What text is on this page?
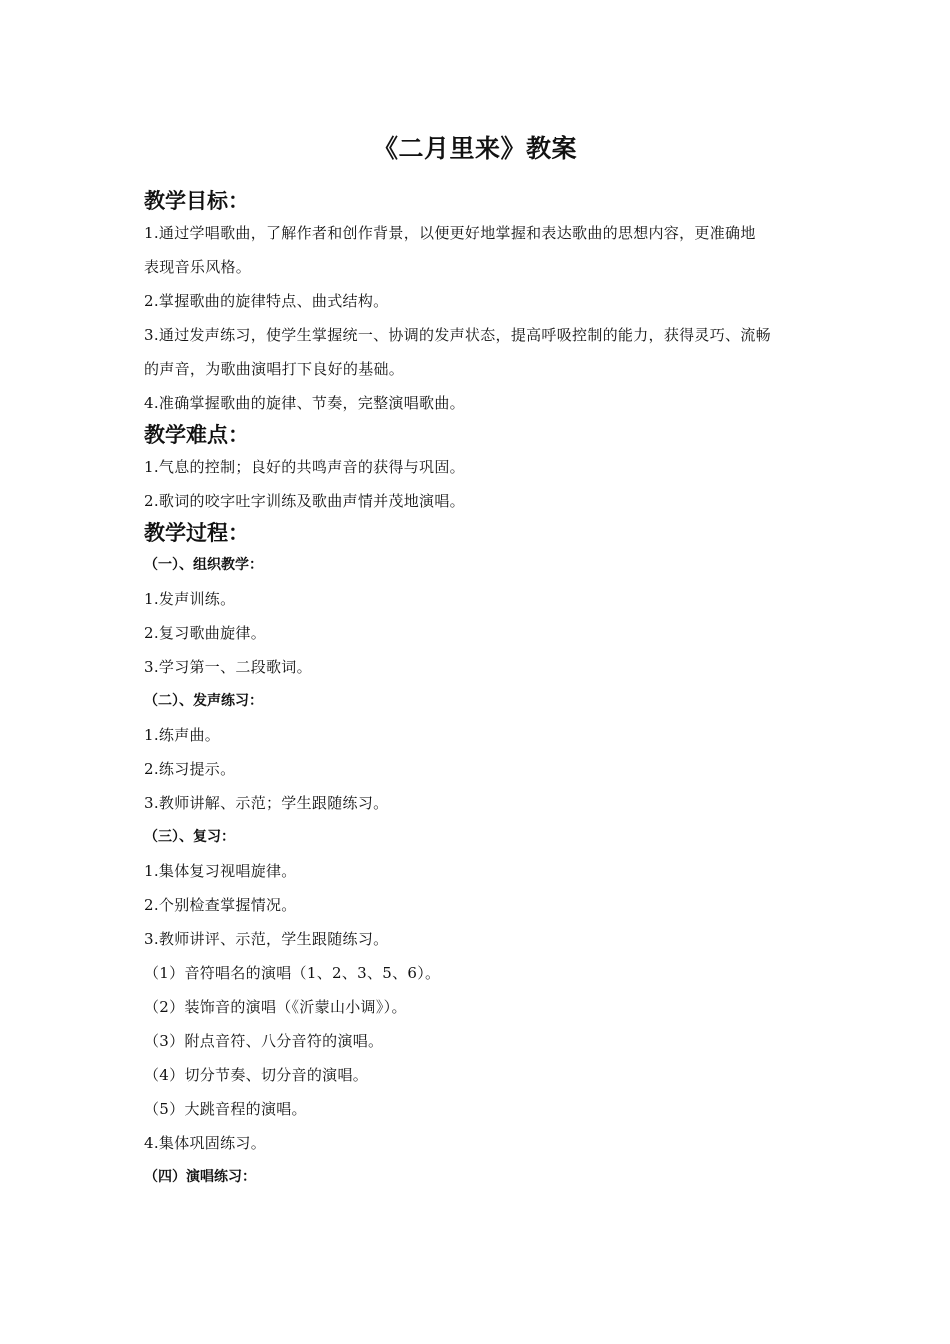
《二月里来》教案
教学目标：
1.通过学唱歌曲，了解作者和创作背景，以便更好地掌握和表达歌曲的思想内容，更准确地
表现音乐风格。
2.掌握歌曲的旋律特点、曲式结构。
3.通过发声练习，使学生掌握统一、协调的发声状态，提高呼吸控制的能力，获得灵巧、流畅
的声音，为歌曲演唱打下良好的基础。
4.准确掌握歌曲的旋律、节奏，完整演唱歌曲。
教学难点：
1.气息的控制；良好的共鸣声音的获得与巩固。
2.歌词的咬字吐字训练及歌曲声情并茂地演唱。
教学过程：
（一）、组织教学：
1.发声训练。
2.复习歌曲旋律。
3.学习第一、二段歌词。
（二）、发声练习：
1.练声曲。
2.练习提示。
3.教师讲解、示范；学生跟随练习。
（三）、复习：
1.集体复习视唱旋律。
2.个别检查掌握情况。
3.教师讲评、示范，学生跟随练习。
（1）音符唱名的演唱（1、2、3、5、6）。
（2）装饰音的演唱（《沂蒙山小调》）。
（3）附点音符、八分音符的演唱。
（4）切分节奏、切分音的演唱。
（5）大跳音程的演唱。
4.集体巩固练习。
（四）演唱练习：
